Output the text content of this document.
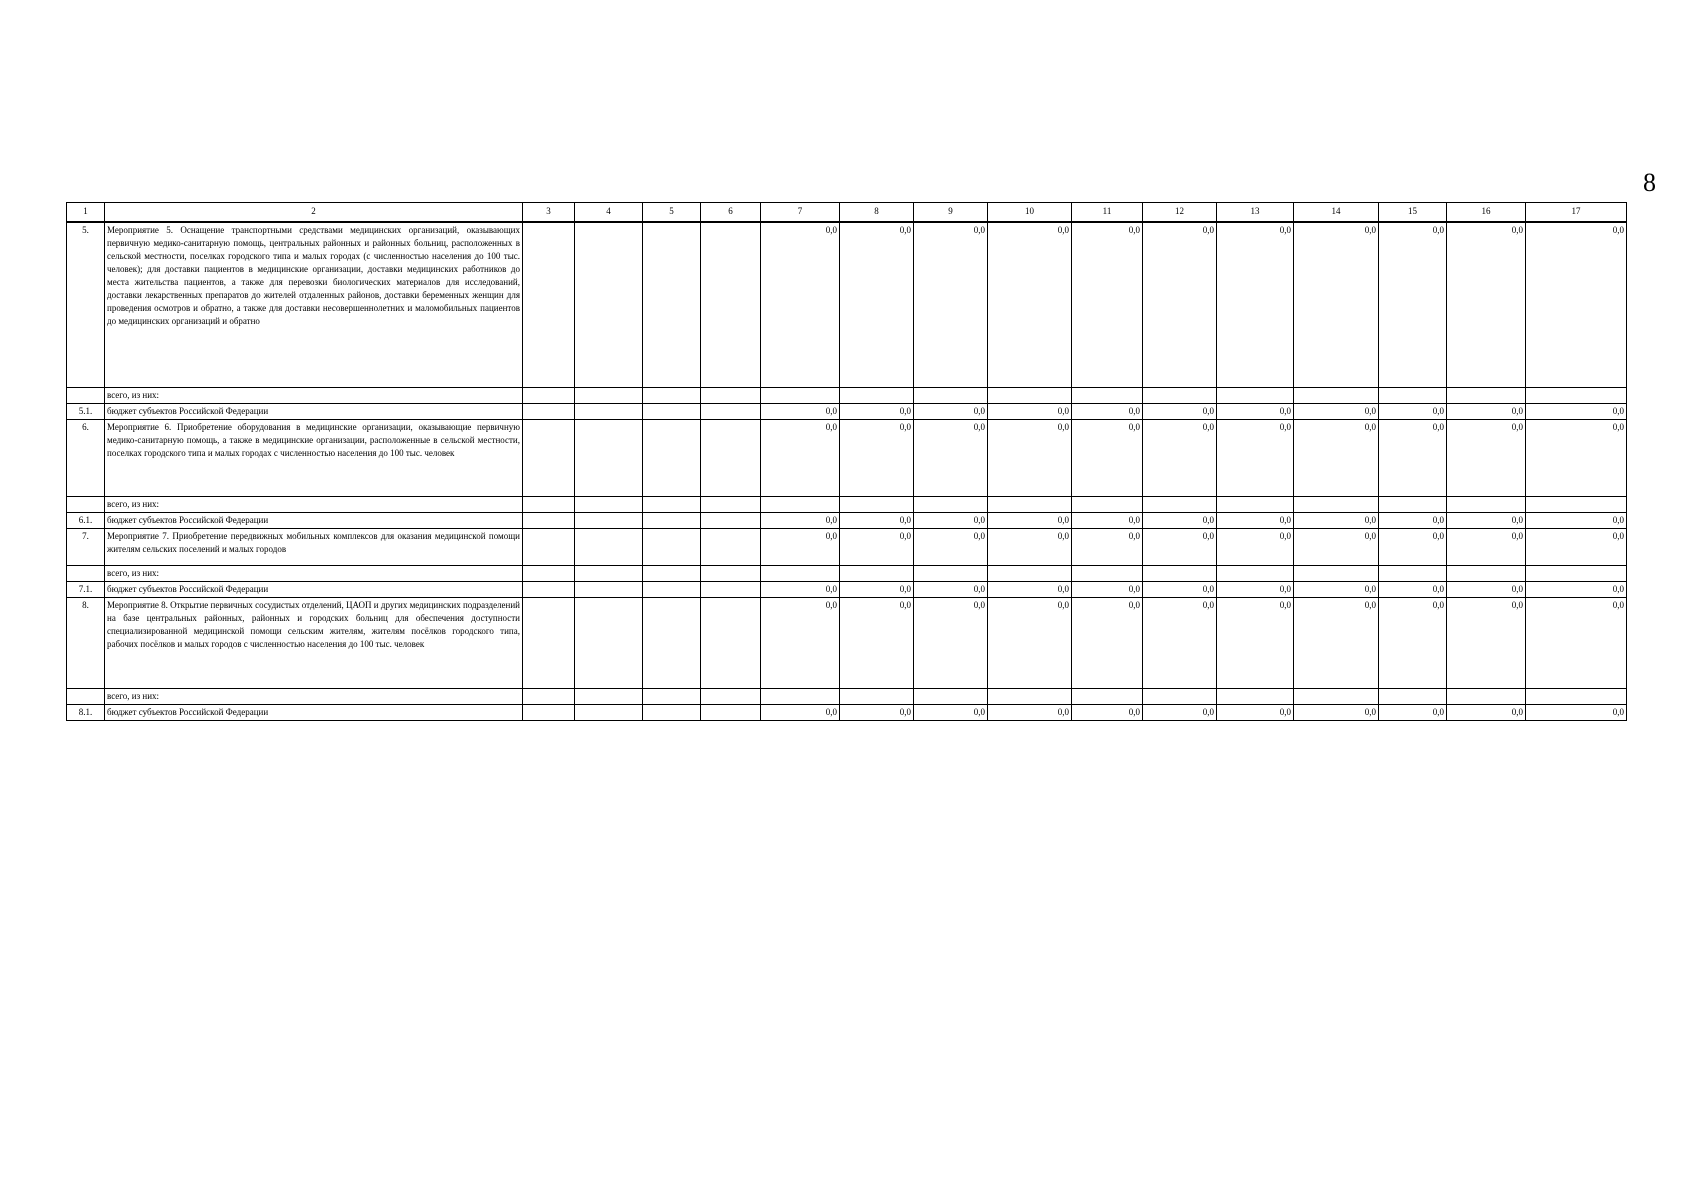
8
1	2	3	4	5	6	7	8	9	10	11	12	13	14	15	16	17
5.	Мероприятие 5. Оснащение транспортными средствами медицинских организаций, оказывающих первичную медико-санитарную помощь, центральных районных и районных больниц, расположенных в сельской местности, поселках городского типа и малых городах (с численностью населения до 100 тыс. человек); для доставки пациентов в медицинские организации, доставки медицинских работников до места жительства пациентов, а также для перевозки биологических материалов для исследований, доставки лекарственных препаратов до жителей отдаленных районов, доставки беременных женщин для проведения осмотров и обратно, а также для доставки несовершеннолетних и маломобильных пациентов до медицинских организаций и обратно					0,0	0,0	0,0	0,0	0,0	0,0	0,0	0,0	0,0	0,0	0,0
	всего, из них:															
5.1.	бюджет субъектов Российской Федерации					0,0	0,0	0,0	0,0	0,0	0,0	0,0	0,0	0,0	0,0	0,0
6.	Мероприятие 6. Приобретение оборудования в медицинские организации, оказывающие первичную медико-санитарную помощь, а также в медицинские организации, расположенные в сельской местности, поселках городского типа и малых городах с численностью населения до 100 тыс. человек					0,0	0,0	0,0	0,0	0,0	0,0	0,0	0,0	0,0	0,0	0,0
	всего, из них:															
6.1.	бюджет субъектов Российской Федерации					0,0	0,0	0,0	0,0	0,0	0,0	0,0	0,0	0,0	0,0	0,0
7.	Мероприятие 7. Приобретение передвижных мобильных комплексов для оказания медицинской помощи жителям сельских поселений и малых городов					0,0	0,0	0,0	0,0	0,0	0,0	0,0	0,0	0,0	0,0	0,0
	всего, из них:															
7.1.	бюджет субъектов Российской Федерации					0,0	0,0	0,0	0,0	0,0	0,0	0,0	0,0	0,0	0,0	0,0
8.	Мероприятие 8. Открытие первичных сосудистых отделений, ЦАОП и других медицинских подразделений на базе центральных районных, районных и городских больниц для обеспечения доступности специализированной медицинской помощи сельским жителям, жителям посёлков городского типа, рабочих посёлков и малых городов с численностью населения до 100 тыс. человек					0,0	0,0	0,0	0,0	0,0	0,0	0,0	0,0	0,0	0,0	0,0
	всего, из них:															
8.1.	бюджет субъектов Российской Федерации					0,0	0,0	0,0	0,0	0,0	0,0	0,0	0,0	0,0	0,0	0,0
